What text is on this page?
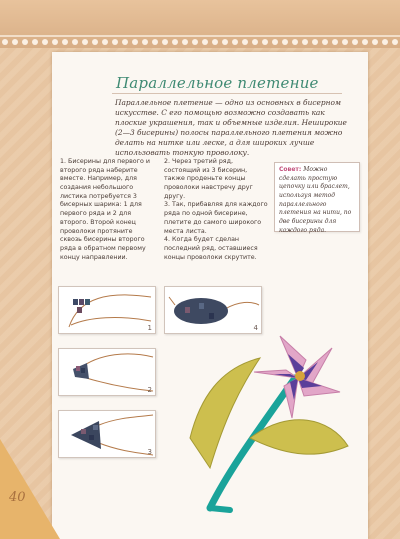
Параллельное плетение

Параллельное плетение — одно из основных в бисерном искусстве. С его помощью возможно создавать как плоские украшения, так и объемные изделия. Неширокие (2—3 бисерины) полосы параллельного плетения можно делать на нитке или леске, а для широких лучше использовать тонкую проволоку.

1. Бисерины для первого и второго ряда наберите вместе. Например, для создания небольшого листика потребуется 3 бисерных шарика: 1 для первого ряда и 2 для второго. Второй конец проволоки протяните сквозь бисерины второго ряда в обратном первому концу направлении.

2. Через третий ряд, состоящий из 3 бисерин, также проденьте концы проволоки навстречу друг другу.

3. Так, прибавляя для каждого ряда по одной бисерине, плетите до самого широкого места листа.

4. Когда будет сделан последний ряд, оставшиеся концы проволоки скрутите.

Совет: Можно сделать простую цепочку или браслет, используя метод параллельного плетения на нити, по две бисерины для каждого ряда.

1
2
3
4
40
